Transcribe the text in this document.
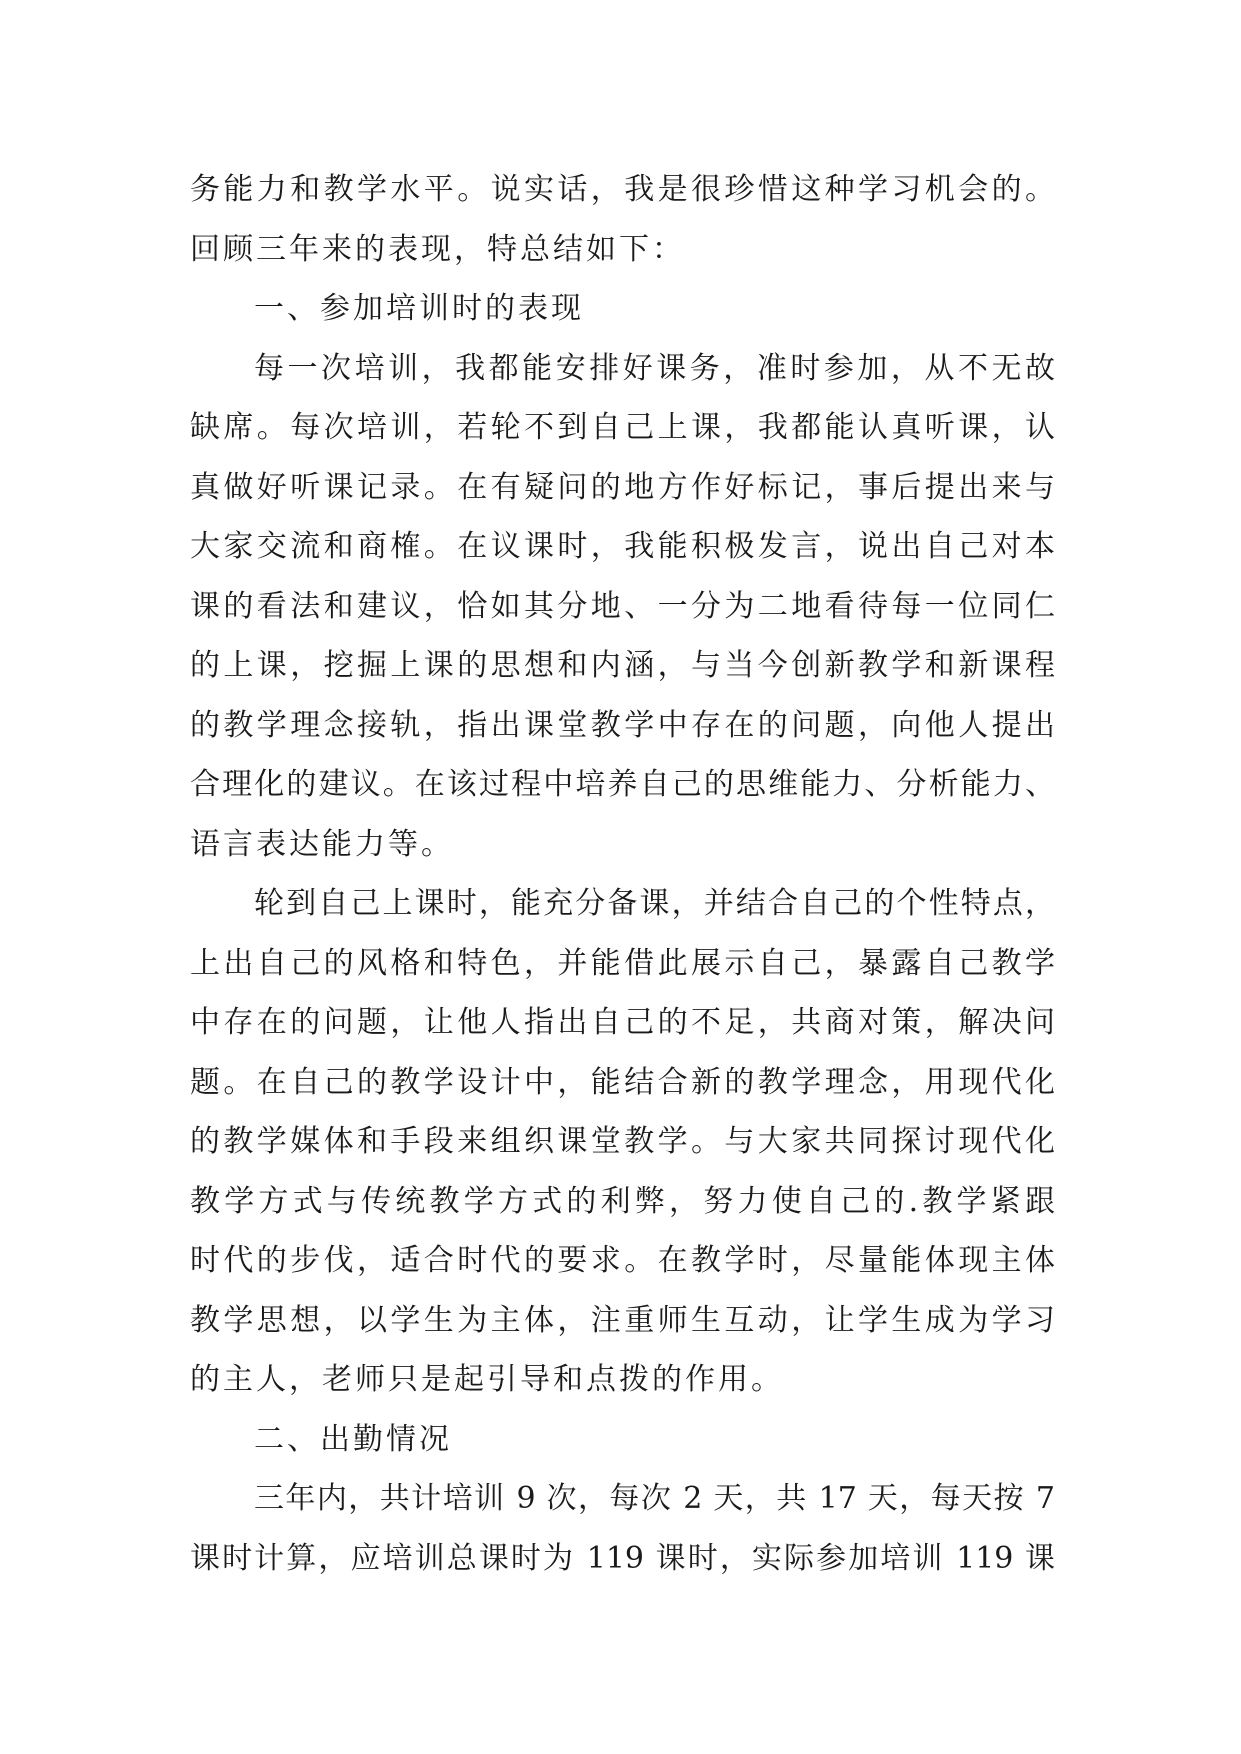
务能力和教学水平。说实话，我是很珍惜这种学习机会的。
回顾三年来的表现，特总结如下：
一、参加培训时的表现
每一次培训，我都能安排好课务，准时参加，从不无故
缺席。每次培训，若轮不到自己上课，我都能认真听课，认
真做好听课记录。在有疑问的地方作好标记，事后提出来与
大家交流和商榷。在议课时，我能积极发言，说出自己对本
课的看法和建议，恰如其分地、一分为二地看待每一位同仁
的上课，挖掘上课的思想和内涵，与当今创新教学和新课程
的教学理念接轨，指出课堂教学中存在的问题，向他人提出
合理化的建议。在该过程中培养自己的思维能力、分析能力、
语言表达能力等。
轮到自己上课时，能充分备课，并结合自己的个性特点，
上出自己的风格和特色，并能借此展示自己，暴露自己教学
中存在的问题，让他人指出自己的不足，共商对策，解决问
题。在自己的教学设计中，能结合新的教学理念，用现代化
的教学媒体和手段来组织课堂教学。与大家共同探讨现代化
教学方式与传统教学方式的利弊，努力使自己的.教学紧跟
时代的步伐，适合时代的要求。在教学时，尽量能体现主体
教学思想，以学生为主体，注重师生互动，让学生成为学习
的主人，老师只是起引导和点拨的作用。
二、出勤情况
三年内，共计培训 9 次，每次 2 天，共 17 天，每天按 7
课时计算，应培训总课时为 119 课时，实际参加培训 119 课
